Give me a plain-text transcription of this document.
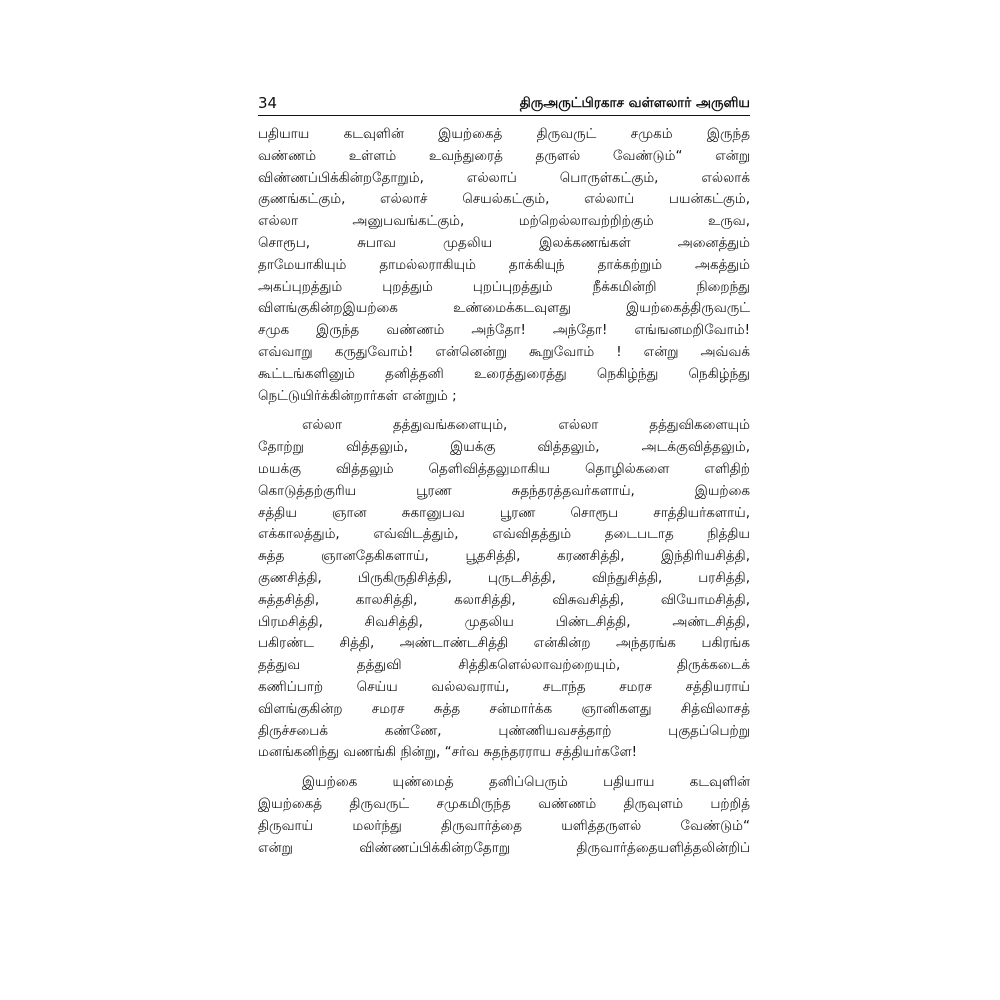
34	திருஅருட்பிரகாச வள்ளலார் அருளிய
பதியாய கடவுளின் இயற்கைத் திருவருட் சமுகம் இருந்த
வண்ணம் உள்ளம் உவந்துரைத் தருளல் வேண்டும்“ என்று
விண்ணப்பிக்கின்றதோறும், எல்லாப் பொருள்கட்கும், எல்லாக்
குணங்கட்கும், எல்லாச் செயல்கட்கும், எல்லாப் பயன்கட்கும்,
எல்லா அனுபவங்கட்கும், மற்றெல்லாவற்றிற்கும் உருவ,
சொரூப, சுபாவ முதலிய இலக்கணங்கள் அனைத்தும்
தாமேயாகியும் தாமல்லராகியும் தாக்கியுந் தாக்கற்றும் அகத்தும்
அகப்புறத்தும் புறத்தும் புறப்புறத்தும் நீக்கமின்றி நிறைந்து
விளங்குகின்றஇயற்கை உண்மைக்கடவுளது இயற்கைத்திருவருட்
சமுக இருந்த வண்ணம் அந்தோ! அந்தோ! எங்ஙனமறிவோம்!
எவ்வாறு கருதுவோம்! என்னென்று கூறுவோம் ! என்று அவ்வக்
கூட்டங்களினும் தனித்தனி உரைத்துரைத்து நெகிழ்ந்து நெகிழ்ந்து
நெட்டுயிர்க்கின்றார்கள் என்றும் ;
எல்லா தத்துவங்களையும், எல்லா தத்துவிகளையும்
தோற்று வித்தலும், இயக்கு வித்தலும், அடக்குவித்தலும்,
மயக்கு வித்தலும் தெளிவித்தலுமாகிய தொழில்களை எளிதிற்
கொடுத்தற்குரிய பூரண சுதந்தரத்தவர்களாய், இயற்கை
சத்திய ஞான சுகானுபவ பூரண சொரூப சாத்தியர்களாய்,
எக்காலத்தும், எவ்விடத்தும், எவ்விதத்தும் தடைபடாத நித்திய
சுத்த ஞானதேகிகளாய், பூதசித்தி, கரணசித்தி, இந்திரியசித்தி,
குணசித்தி, பிருகிருதிசித்தி, புருடசித்தி, விந்துசித்தி, பரசித்தி,
சுத்தசித்தி, காலசித்தி, கலாசித்தி, விசுவசித்தி, வியோமசித்தி,
பிரமசித்தி, சிவசித்தி, முதலிய பிண்டசித்தி, அண்டசித்தி,
பகிரண்ட சித்தி, அண்டாண்டசித்தி என்கின்ற அந்தரங்க பகிரங்க
தத்துவ தத்துவி சித்திகளெல்லாவற்றையும், திருக்கடைக்
கணிப்பாற் செய்ய வல்லவராய், சடாந்த சமரச சத்தியராய்
விளங்குகின்ற சமரச சுத்த சன்மார்க்க ஞானிகளது சித்விலாசத்
திருச்சபைக் கண்ணே, புண்ணியவசத்தாற் புகுதப்பெற்று
மனங்கனிந்து வணங்கி நின்று, “சர்வ சுதந்தரராய சத்தியர்களே!
இயற்கை யுண்மைத் தனிப்பெரும் பதியாய கடவுளின்
இயற்கைத் திருவருட் சமுகமிருந்த வண்ணம் திருவுளம் பற்றித்
திருவாய் மலர்ந்து திருவார்த்தை யளித்தருளல் வேண்டும்“
என்று விண்ணப்பிக்கின்றதோறு திருவார்த்தையளித்தலின்றிப்
